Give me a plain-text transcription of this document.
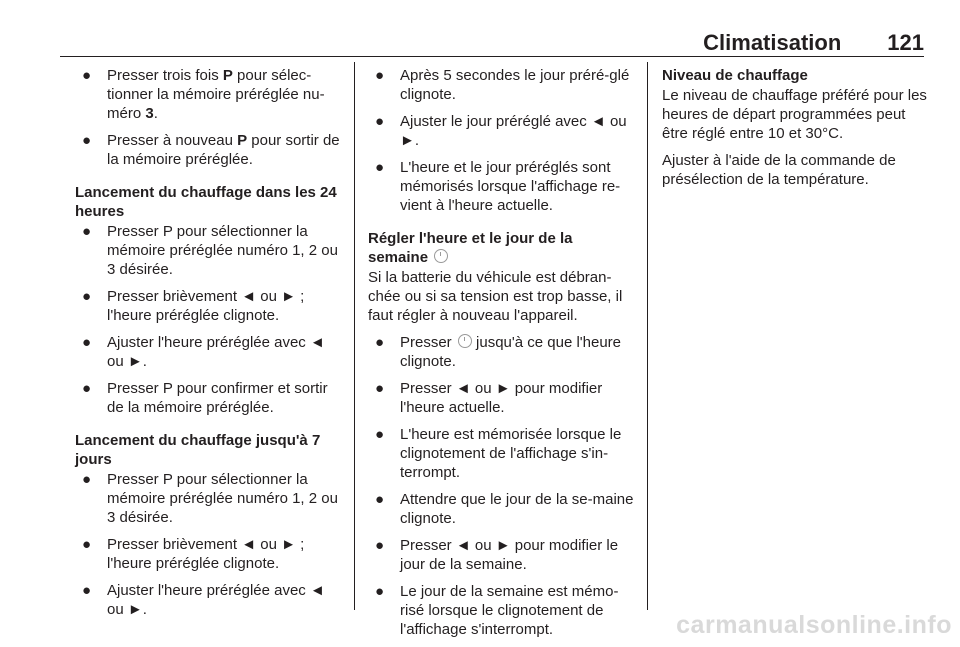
Climatisation 121
● Presser trois fois P pour sélec-tionner la mémoire préréglée nu-méro 3.
● Presser à nouveau P pour sortir de la mémoire préréglée.
Lancement du chauffage dans les 24 heures
● Presser P pour sélectionner la mémoire préréglée numéro 1, 2 ou 3 désirée.
● Presser brièvement ◄ ou ► ; l'heure préréglée clignote.
● Ajuster l'heure préréglée avec ◄ ou ►.
● Presser P pour confirmer et sortir de la mémoire préréglée.
Lancement du chauffage jusqu'à 7 jours
● Presser P pour sélectionner la mémoire préréglée numéro 1, 2 ou 3 désirée.
● Presser brièvement ◄ ou ► ; l'heure préréglée clignote.
● Ajuster l'heure préréglée avec ◄ ou ►.
● Après 5 secondes le jour préré-glé clignote.
● Ajuster le jour préréglé avec ◄ ou ►.
● L'heure et le jour préréglés sont mémorisés lorsque l'affichage re-vient à l'heure actuelle.
Régler l'heure et le jour de la semaine

Si la batterie du véhicule est débran-chée ou si sa tension est trop basse, il faut régler à nouveau l'appareil.

● Presser  jusqu'à ce que l'heure clignote.
● Presser ◄ ou ► pour modifier l'heure actuelle.
● L'heure est mémorisée lorsque le clignotement de l'affichage s'in-terrompt.
● Attendre que le jour de la se-maine clignote.
● Presser ◄ ou ► pour modifier le jour de la semaine.
● Le jour de la semaine est mémo-risé lorsque le clignotement de l'affichage s'interrompt.
Niveau de chauffage

Le niveau de chauffage préféré pour les heures de départ programmées peut être réglé entre 10 et 30°C.

Ajuster à l'aide de la commande de présélection de la température.

carmanualsonline.info
